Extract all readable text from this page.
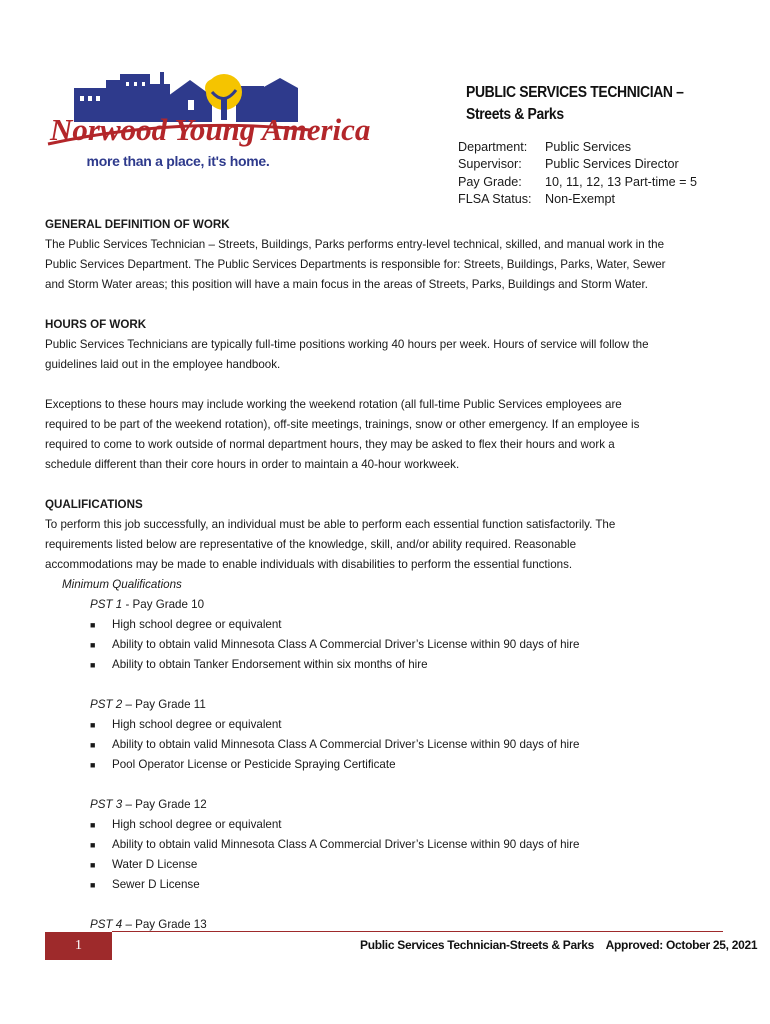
Norwood Young America
more than a place, it's home.
PUBLIC SERVICES TECHNICIAN –
Streets & Parks
Department:	Public Services
Supervisor:	Public Services Director
Pay Grade:	10, 11, 12, 13 Part-time = 5
FLSA Status:	Non-Exempt
GENERAL DEFINITION OF WORK
The Public Services Technician – Streets, Buildings, Parks performs entry-level technical, skilled, and manual work in the
Public Services Department. The Public Services Departments is responsible for: Streets, Buildings, Parks, Water, Sewer
and Storm Water areas; this position will have a main focus in the areas of Streets, Parks, Buildings and Storm Water.
HOURS OF WORK
Public Services Technicians are typically full-time positions working 40 hours per week. Hours of service will follow the
guidelines laid out in the employee handbook.
Exceptions to these hours may include working the weekend rotation (all full-time Public Services employees are
required to be part of the weekend rotation), off-site meetings, trainings, snow or other emergency. If an employee is
required to come to work outside of normal department hours, they may be asked to flex their hours and work a
schedule different than their core hours in order to maintain a 40-hour workweek.
QUALIFICATIONS
To perform this job successfully, an individual must be able to perform each essential function satisfactorily. The
requirements listed below are representative of the knowledge, skill, and/or ability required. Reasonable
accommodations may be made to enable individuals with disabilities to perform the essential functions.
Minimum Qualifications
PST 1 - Pay Grade 10
■	High school degree or equivalent
■	Ability to obtain valid Minnesota Class A Commercial Driver’s License within 90 days of hire
■	Ability to obtain Tanker Endorsement within six months of hire
PST 2 – Pay Grade 11
■	High school degree or equivalent
■	Ability to obtain valid Minnesota Class A Commercial Driver’s License within 90 days of hire
■	Pool Operator License or Pesticide Spraying Certificate
PST 3 – Pay Grade 12
■	High school degree or equivalent
■	Ability to obtain valid Minnesota Class A Commercial Driver’s License within 90 days of hire
■	Water D License
■	Sewer D License
PST 4 – Pay Grade 13
1	Public Services Technician-Streets & Parks    Approved: October 25, 2021
